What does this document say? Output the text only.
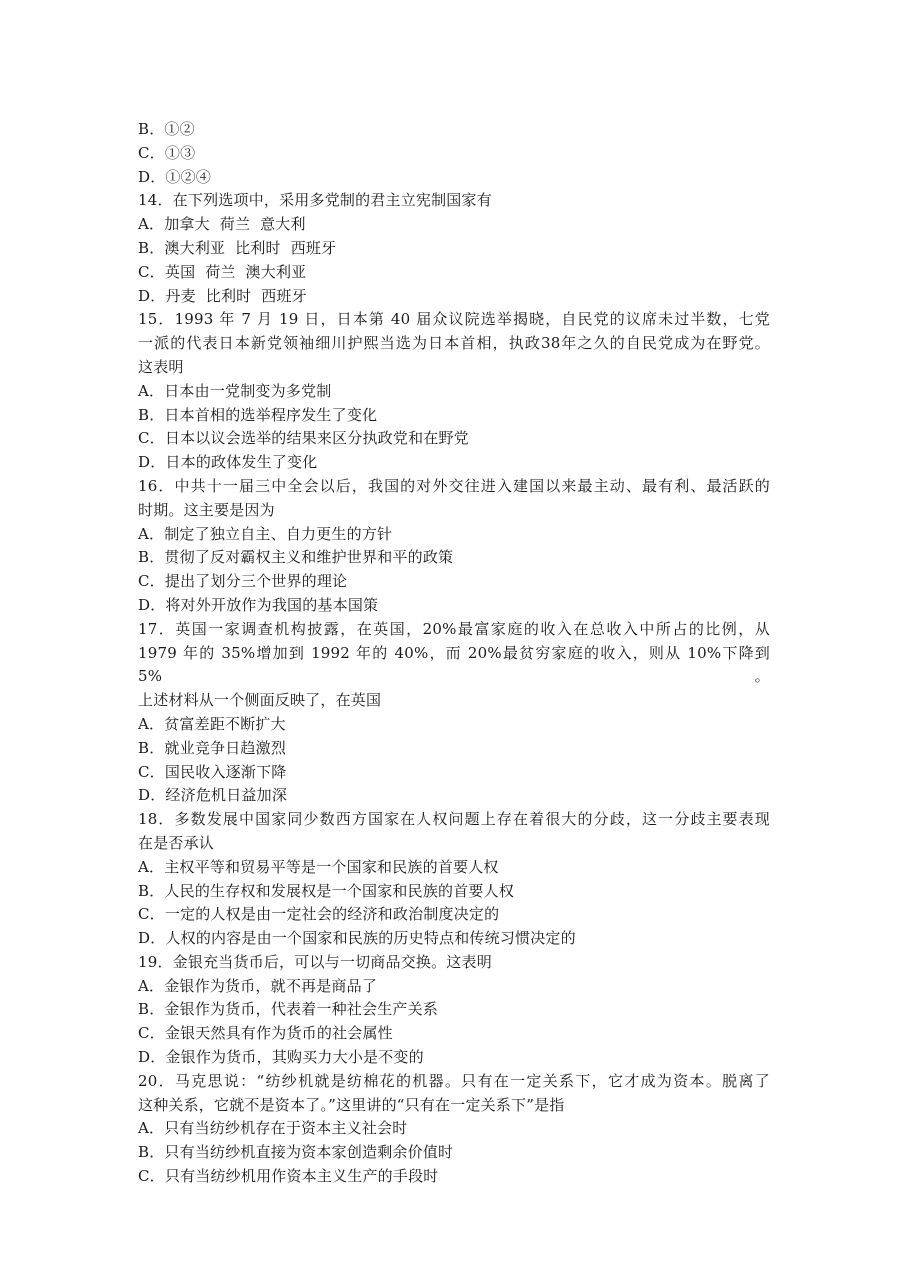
B．①②
C．①③
D．①②④
14．在下列选项中，采用多党制的君主立宪制国家有
A．加拿大  荷兰  意大利
B．澳大利亚  比利时  西班牙
C．英国  荷兰  澳大利亚
D．丹麦  比利时  西班牙
15．1993 年 7 月 19 日，日本第 40 届众议院选举揭晓，自民党的议席未过半数，七党
一派的代表日本新党领袖细川护熙当选为日本首相，执政38年之久的自民党成为在野党。
这表明
A．日本由一党制变为多党制
B．日本首相的选举程序发生了变化
C．日本以议会选举的结果来区分执政党和在野党
D．日本的政体发生了变化
16．中共十一届三中全会以后，我国的对外交往进入建国以来最主动、最有利、最活跃的
时期。这主要是因为
A．制定了独立自主、自力更生的方针
B．贯彻了反对霸权主义和维护世界和平的政策
C．提出了划分三个世界的理论
D．将对外开放作为我国的基本国策
17．英国一家调查机构披露，在英国，20%最富家庭的收入在总收入中所占的比例，从
1979 年的 35%增加到 1992 年的 40%，而 20%最贫穷家庭的收入，则从 10%下降到 5%。
上述材料从一个侧面反映了，在英国
A．贫富差距不断扩大
B．就业竞争日趋激烈
C．国民收入逐渐下降
D．经济危机日益加深
18．多数发展中国家同少数西方国家在人权问题上存在着很大的分歧，这一分歧主要表现
在是否承认
A．主权平等和贸易平等是一个国家和民族的首要人权
B．人民的生存权和发展权是一个国家和民族的首要人权
C．一定的人权是由一定社会的经济和政治制度决定的
D．人权的内容是由一个国家和民族的历史特点和传统习惯决定的
19．金银充当货币后，可以与一切商品交换。这表明
A．金银作为货币，就不再是商品了
B．金银作为货币，代表着一种社会生产关系
C．金银天然具有作为货币的社会属性
D．金银作为货币，其购买力大小是不变的
20．马克思说：“纺纱机就是纺棉花的机器。只有在一定关系下，它才成为资本。脱离了
这种关系，它就不是资本了。”这里讲的“只有在一定关系下”是指
A．只有当纺纱机存在于资本主义社会时
B．只有当纺纱机直接为资本家创造剩余价值时
C．只有当纺纱机用作资本主义生产的手段时
